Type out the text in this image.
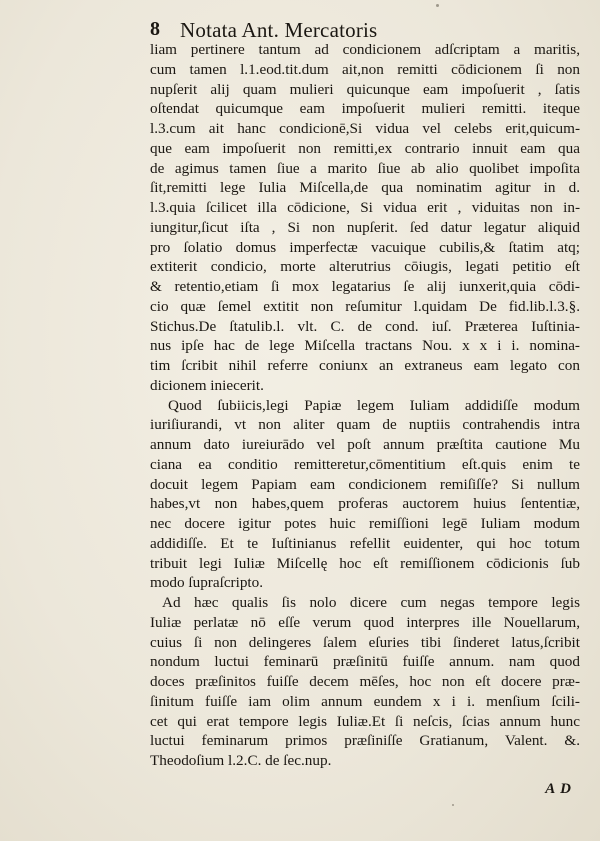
8 Notata Ant. Mercatoris
liam pertinere tantum ad condicionem adſcriptam a maritis,
cum tamen l.1.eod.tit.dum ait,non remitti cōdicionem ſi non
nupſerit alij quam mulieri quicunque eam impoſuerit , ſatis
oſtendat quicumque eam impoſuerit mulieri remitti. iteque
l.3.cum ait hanc condicionē,Si vidua vel celebs erit,quicum-
que eam impoſuerit non remitti,ex contrario innuit eam qua
de agimus tamen ſiue a marito ſiue ab alio quolibet impoſita
ſit,remitti lege Iulia Miſcella,de qua nominatim agitur in d.
l.3.quia ſcilicet illa cōdicione, Si vidua erit , viduitas non in-
iungitur,ſicut iſta , Si non nupſerit. ſed datur legatur aliquid
pro ſolatio domus imperfectæ vacuique cubilis,& ſtatim atq;
extiterit condicio, morte alterutrius cōiugis, legati petitio eſt
& retentio,etiam ſi mox legatarius ſe alij iunxerit,quia cōdi-
cio quæ ſemel extitit non reſumitur l.quidam De fid.lib.l.3.§.
Stichus.De ſtatulib.l. vlt. C. de cond. iuſ. Præterea Iuſtinia-
nus ipſe hac de lege Miſcella tractans Nou. x x i i. nomina-
tim ſcribit nihil referre coniunx an extraneus eam legato con
dicionem iniecerit.
Quod ſubiicis,legi Papiæ legem Iuliam addidiſſe modum
iuriſiurandi, vt non aliter quam de nuptiis contrahendis intra
annum dato iureiurādo vel poſt annum præſtita cautione Mu
ciana ea conditio remitteretur,cōmentitium eſt.quis enim te
docuit legem Papiam eam condicionem remiſiſſe? Si nullum
habes,vt non habes,quem proferas auctorem huius ſententiæ,
nec docere igitur potes huic remiſſioni legē Iuliam modum
addidiſſe. Et te Iuſtinianus refellit euidenter, qui hoc totum
tribuit legi Iuliæ Miſcellę hoc eſt remiſſionem cōdicionis ſub
modo ſupraſcripto.
Ad hæc qualis ſis nolo dicere cum negas tempore legis
Iuliæ perlatæ nō eſſe verum quod interpres ille Nouellarum,
cuius ſi non delingeres ſalem eſuries tibi ſinderet latus,ſcribit
nondum luctui feminarū præſinitū fuiſſe annum. nam quod
doces præſinitos fuiſſe decem mēſes, hoc non eſt docere præ-
ſinitum fuiſſe iam olim annum eundem x i i. menſium ſcili-
cet qui erat tempore legis Iuliæ.Et ſi neſcis, ſcias annum hunc
luctui feminarum primos præſiniſſe Gratianum, Valent. &.
Theodoſium l.2.C. de ſec.nup.
A D
